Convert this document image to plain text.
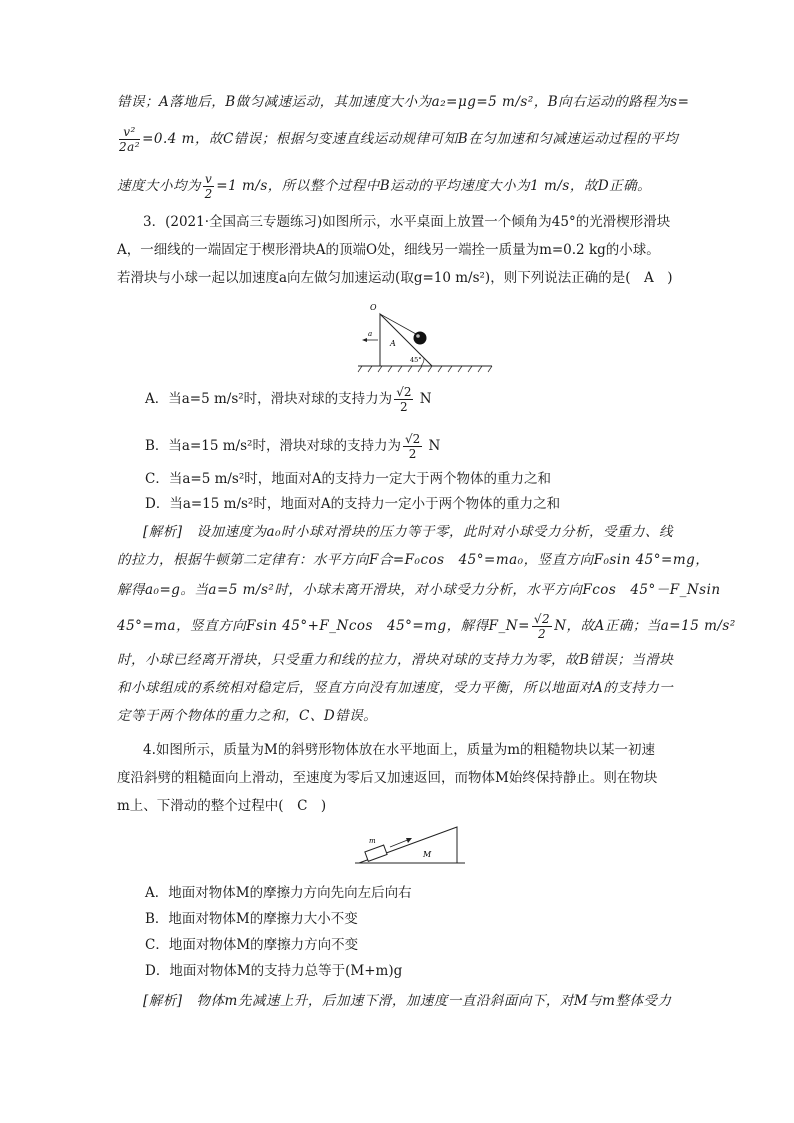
错误；A落地后，B做匀减速运动，其加速度大小为a₂=μg=5 m/s²，B向右运动的路程为s=
$\frac{\text{v²}}{\text{2a²}} =0.4$ m，故C错误；根据匀变速直线运动规律可知B在匀加速和匀减速运动过程的平均
速度大小均为 $\frac{v}{2} =1$ m/s，所以整个过程中B运动的平均速度大小为1 m/s，故D正确。
3．(2021·全国高三专题练习)如图所示，水平桌面上放置一个倾角为45°的光滑楔形滑块
A，一细线的一端固定于楔形滑块A的顶端O处，细线另一端拴一质量为m=0.2 kg的小球。
若滑块与小球一起以加速度a向左做匀加速运动(取g=10 m/s²)，则下列说法正确的是(　A　)
O
a
A
45°
A．当a=5 m/s²时，滑块对球的支持力为 $\frac{√2}{2}$ N
B．当a=15 m/s²时，滑块对球的支持力为 $\frac{√2}{2}$ N
C．当a=5 m/s²时，地面对A的支持力一定大于两个物体的重力之和
D．当a=15 m/s²时，地面对A的支持力一定小于两个物体的重力之和
[解析]　设加速度为a₀时小球对滑块的压力等于零，此时对小球受力分析，受重力、线
的拉力，根据牛顿第二定律有：水平方向F合=F₀cos　45°=ma₀，竖直方向F₀sin 45°=mg，
解得a₀=g。当a=5 m/s²时，小球未离开滑块，对小球受力分析，水平方向Fcos　45°－F_Nsin
45°=ma，竖直方向Fsin 45°+F_Ncos　45°=mg，解得F_N= $\frac{√2}{2}$ N，故A正确；当a=15 m/s²
时，小球已经离开滑块，只受重力和线的拉力，滑块对球的支持力为零，故B错误；当滑块
和小球组成的系统相对稳定后，竖直方向没有加速度，受力平衡，所以地面对A的支持力一
定等于两个物体的重力之和，C、D错误。
4.如图所示，质量为M的斜劈形物体放在水平地面上，质量为m的粗糙物块以某一初速
度沿斜劈的粗糙面向上滑动，至速度为零后又加速返回，而物体M始终保持静止。则在物块
m上、下滑动的整个过程中(　C　)
m
M
A．地面对物体M的摩擦力方向先向左后向右
B．地面对物体M的摩擦力大小不变
C．地面对物体M的摩擦力方向不变
D．地面对物体M的支持力总等于(M+m)g
[解析]　物体m先减速上升，后加速下滑，加速度一直沿斜面向下，对M与m整体受力
